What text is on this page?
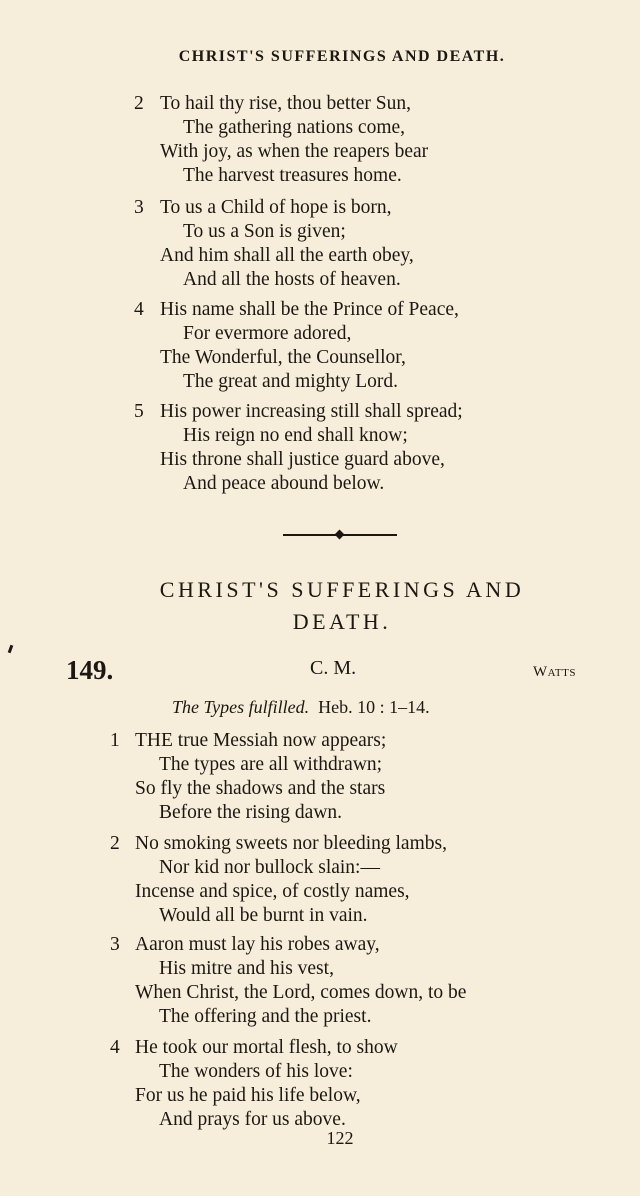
CHRIST'S SUFFERINGS AND DEATH.
2 To hail thy rise, thou better Sun,
The gathering nations come,
With joy, as when the reapers bear
The harvest treasures home.
3 To us a Child of hope is born,
To us a Son is given;
And him shall all the earth obey,
And all the hosts of heaven.
4 His name shall be the Prince of Peace,
For evermore adored,
The Wonderful, the Counsellor,
The great and mighty Lord.
5 His power increasing still shall spread;
His reign no end shall know;
His throne shall justice guard above,
And peace abound below.
CHRIST'S SUFFERINGS AND
DEATH.
149.	C. M.	Watts
The Types fulfilled. Heb. 10 : 1–14.
1 THE true Messiah now appears;
The types are all withdrawn;
So fly the shadows and the stars
Before the rising dawn.
2 No smoking sweets nor bleeding lambs,
Nor kid nor bullock slain:—
Incense and spice, of costly names,
Would all be burnt in vain.
3 Aaron must lay his robes away,
His mitre and his vest,
When Christ, the Lord, comes down, to be
The offering and the priest.
4 He took our mortal flesh, to show
The wonders of his love:
For us he paid his life below,
And prays for us above.
122
